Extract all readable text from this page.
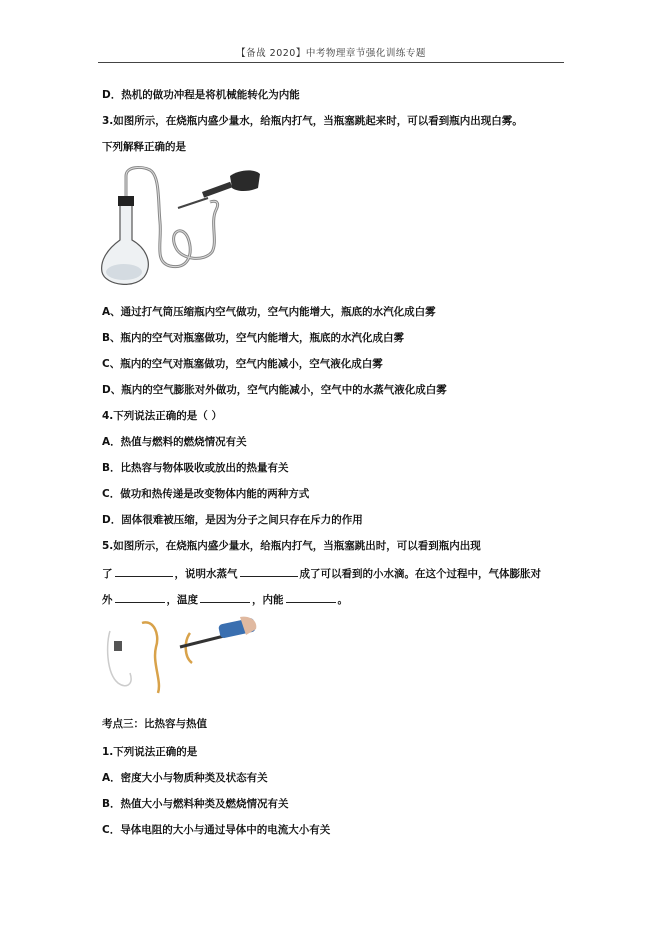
【备战 2020】中考物理章节强化训练专题
D．热机的做功冲程是将机械能转化为内能
3.如图所示，在烧瓶内盛少量水，给瓶内打气，当瓶塞跳起来时，可以看到瓶内出现白雾。
下列解释正确的是
A、通过打气筒压缩瓶内空气做功，空气内能增大，瓶底的水汽化成白雾
B、瓶内的空气对瓶塞做功，空气内能增大，瓶底的水汽化成白雾
C、瓶内的空气对瓶塞做功，空气内能减小，空气液化成白雾
D、瓶内的空气膨胀对外做功，空气内能减小，空气中的水蒸气液化成白雾
4.下列说法正确的是（ ）
A．热值与燃料的燃烧情况有关
B．比热容与物体吸收或放出的热量有关
C．做功和热传递是改变物体内能的两种方式
D．固体很难被压缩，是因为分子之间只存在斥力的作用
5.如图所示，在烧瓶内盛少量水，给瓶内打气，当瓶塞跳出时，可以看到瓶内出现
了	，说明水蒸气	成了可以看到的小水滴。在这个过程中，气体膨胀对
外	，温度	，内能	。
考点三：比热容与热值
1.下列说法正确的是
A．密度大小与物质种类及状态有关
B．热值大小与燃料种类及燃烧情况有关
C．导体电阻的大小与通过导体中的电流大小有关
